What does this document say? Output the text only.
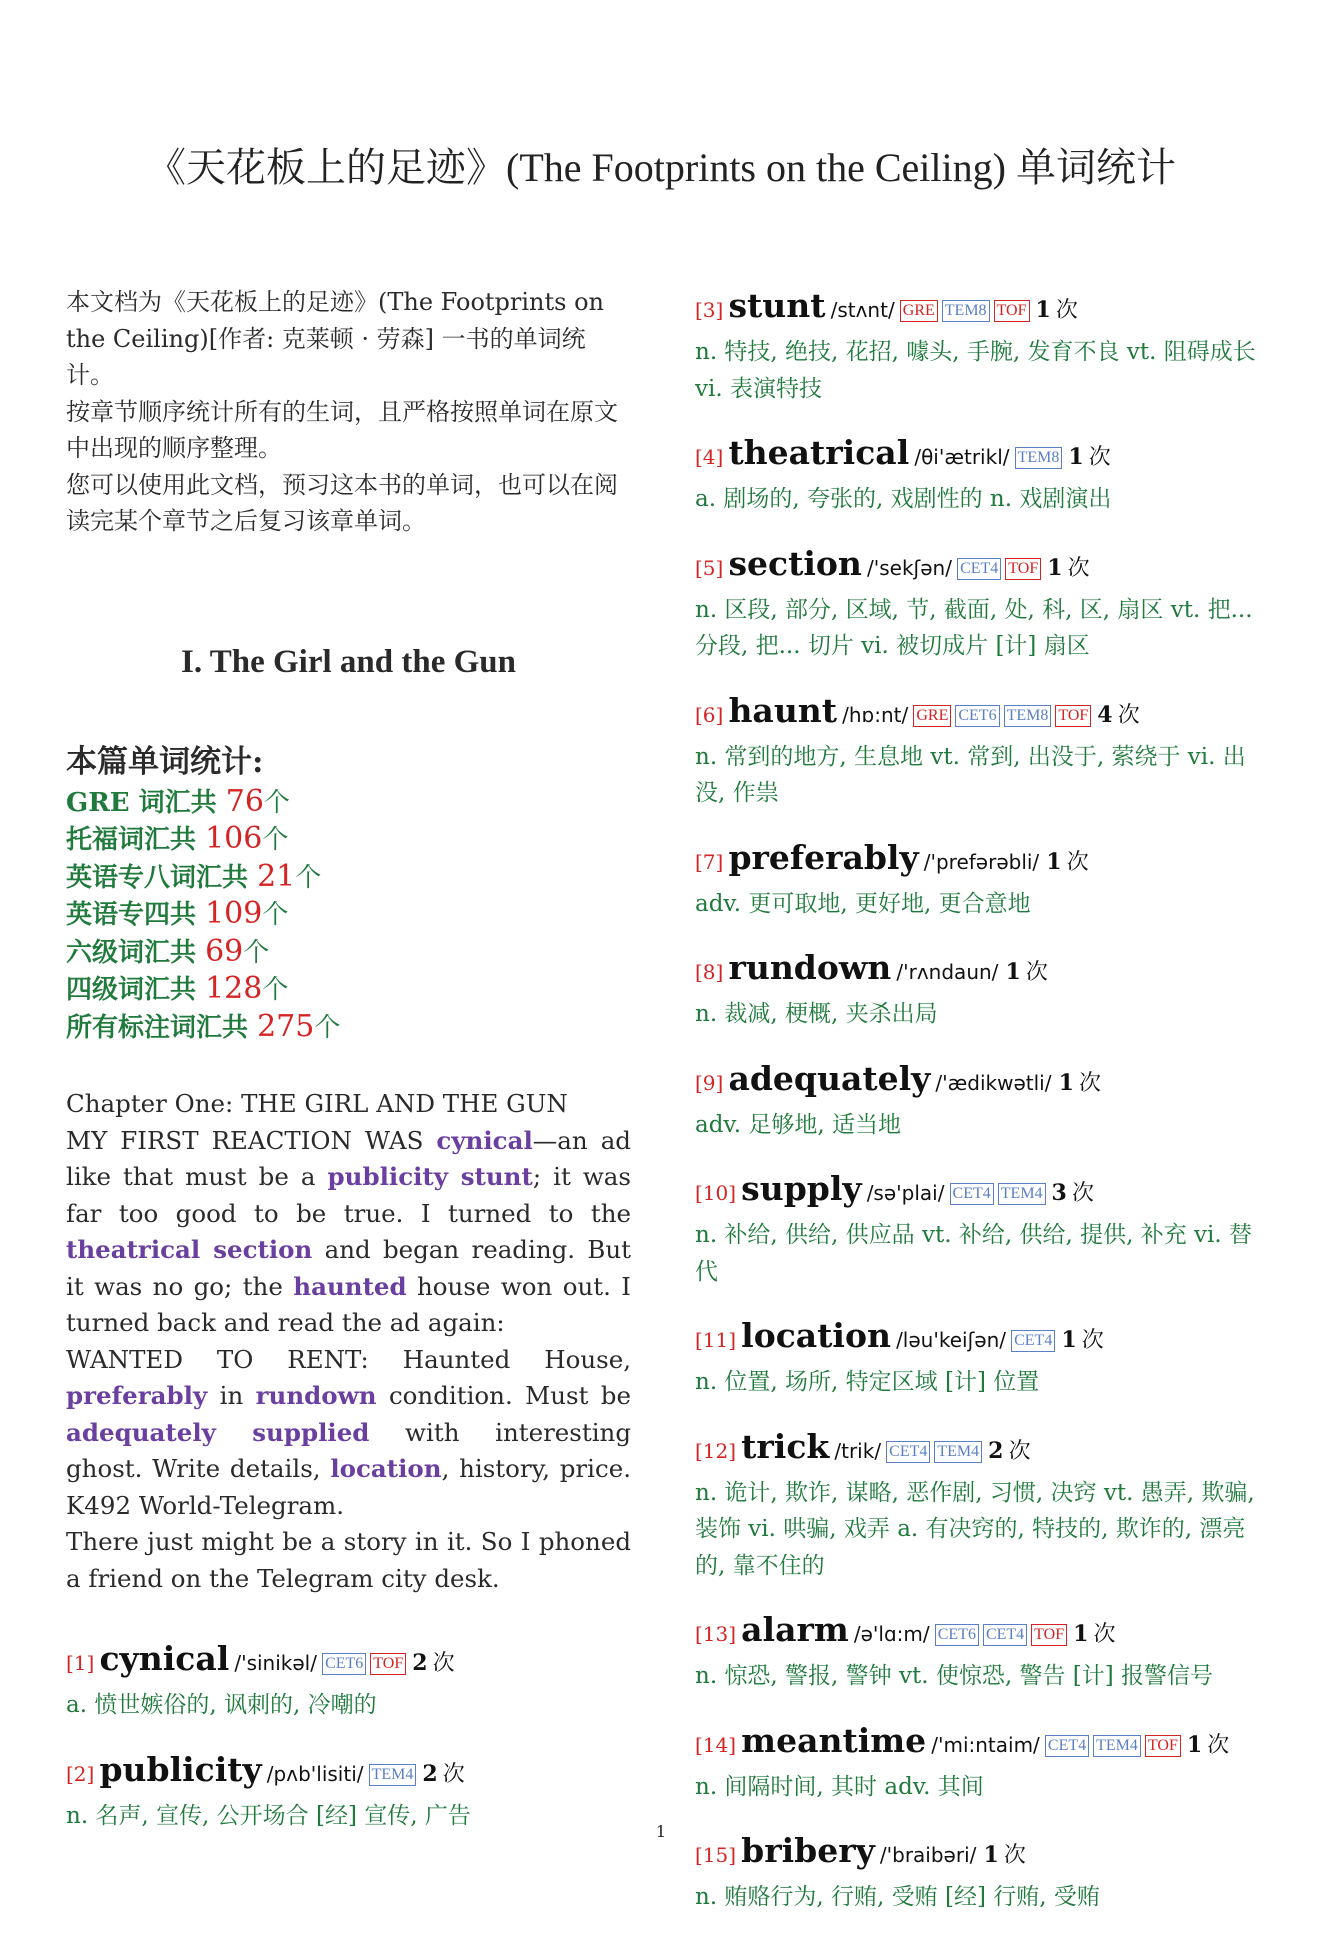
《天花板上的足迹》(The Footprints on the Ceiling) 单词统计

本文档为《天花板上的足迹》(The Footprints on the Ceiling)[作者: 克莱顿 · 劳森] 一书的单词统计。

按章节顺序统计所有的生词，且严格按照单词在原文中出现的顺序整理。

您可以使用此文档，预习这本书的单词，也可以在阅读完某个章节之后复习该章单词。

I. The Girl and the Gun
本篇单词统计:
GRE 词汇共 76个
托福词汇共 106个
英语专八词汇共 21个
英语专四共 109个
六级词汇共 69个
四级词汇共 128个
所有标注词汇共 275个

Chapter One: THE GIRL AND THE GUN

MY FIRST REACTION WAS cynical—an ad like that must be a publicity stunt; it was far too good to be true. I turned to the theatrical section and began reading. But it was no go; the haunted house won out. I turned back and read the ad again:

WANTED TO RENT: Haunted House, preferably in rundown condition. Must be adequately supplied with interesting ghost. Write details, location, history, price. K492 World-Telegram.

There just might be a story in it. So I phoned a friend on the Telegram city desk.

[1] cynical /'sinikəl/ CET6 TOF 2 次
a. 愤世嫉俗的, 讽刺的, 冷嘲的
[2] publicity /pʌb'lisiti/ TEM4 2 次
n. 名声, 宣传, 公开场合 [经] 宣传, 广告
[3] stunt /stʌnt/ GRE TEM8 TOF 1 次
n. 特技, 绝技, 花招, 噱头, 手腕, 发育不良 vt. 阻碍成长 vi. 表演特技
[4] theatrical /θi'ætrikl/ TEM8 1 次
a. 剧场的, 夸张的, 戏剧性的 n. 戏剧演出
[5] section /'sekʃən/ CET4 TOF 1 次
n. 区段, 部分, 区域, 节, 截面, 处, 科, 区, 扇区 vt. 把... 分段, 把... 切片 vi. 被切成片 [计] 扇区
[6] haunt /hɒ:nt/ GRE CET6 TEM8 TOF 4 次
n. 常到的地方, 生息地 vt. 常到, 出没于, 萦绕于 vi. 出没, 作祟
[7] preferably /'prefərəbli/ 1 次
adv. 更可取地, 更好地, 更合意地
[8] rundown /'rʌndaun/ 1 次
n. 裁减, 梗概, 夹杀出局
[9] adequately /'ædikwətli/ 1 次
adv. 足够地, 适当地
[10] supply /sə'plai/ CET4 TEM4 3 次
n. 补给, 供给, 供应品 vt. 补给, 供给, 提供, 补充 vi. 替代
[11] location /ləu'keiʃən/ CET4 1 次
n. 位置, 场所, 特定区域 [计] 位置
[12] trick /trik/ CET4 TEM4 2 次
n. 诡计, 欺诈, 谋略, 恶作剧, 习惯, 决窍 vt. 愚弄, 欺骗, 装饰 vi. 哄骗, 戏弄 a. 有决窍的, 特技的, 欺诈的, 漂亮的, 靠不住的
[13] alarm /ə'lɑ:m/ CET6 CET4 TOF 1 次
n. 惊恐, 警报, 警钟 vt. 使惊恐, 警告 [计] 报警信号
[14] meantime /'mi:ntaim/ CET4 TEM4 TOF 1 次
n. 间隔时间, 其时 adv. 其间
[15] bribery /'braibəri/ 1 次
n. 贿赂行为, 行贿, 受贿 [经] 行贿, 受贿
1
